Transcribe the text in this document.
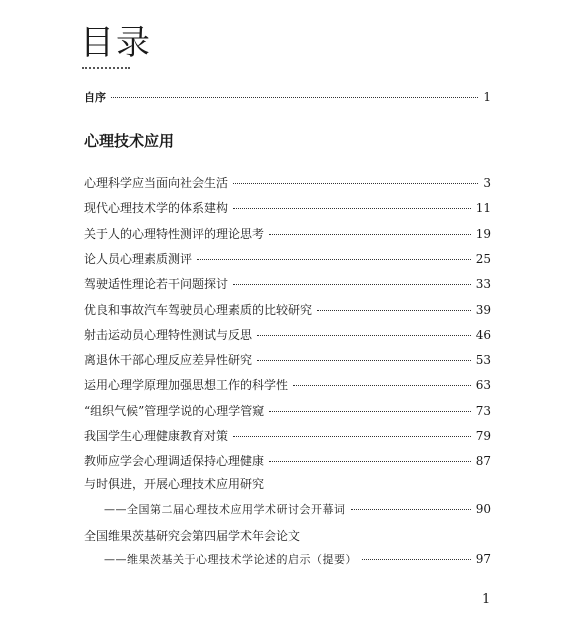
目录
自序	1
心理技术应用
心理科学应当面向社会生活	3
现代心理技术学的体系建构	11
关于人的心理特性测评的理论思考	19
论人员心理素质测评	25
驾驶适性理论若干问题探讨	33
优良和事故汽车驾驶员心理素质的比较研究	39
射击运动员心理特性测试与反思	46
离退休干部心理反应差异性研究	53
运用心理学原理加强思想工作的科学性	63
“组织气候”管理学说的心理学管窥	73
我国学生心理健康教育对策	79
教师应学会心理调适保持心理健康	87
与时俱进，开展心理技术应用研究
——全国第二届心理技术应用学术研讨会开幕词	90
全国维果茨基研究会第四届学术年会论文
——维果茨基关于心理技术学论述的启示（提要）	97
1
